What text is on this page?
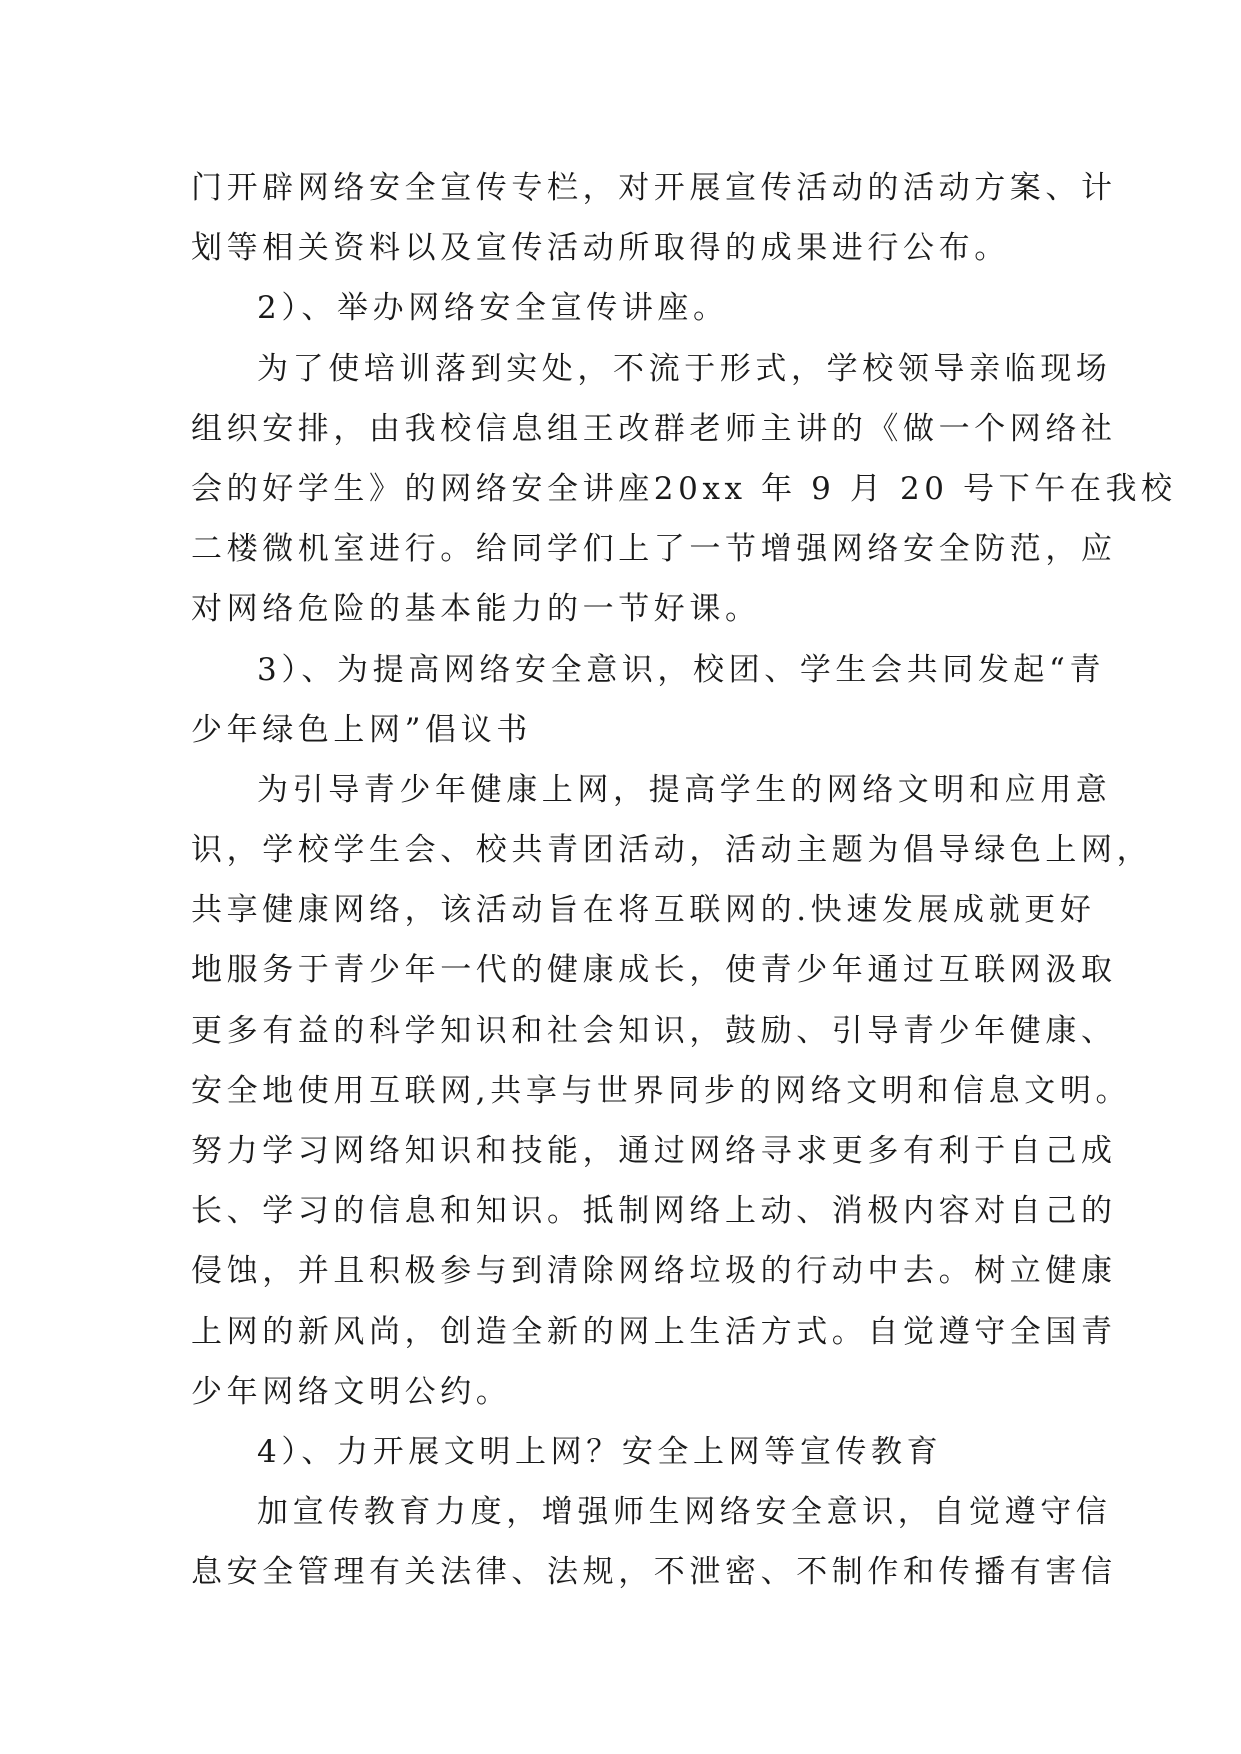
门开辟网络安全宣传专栏，对开展宣传活动的活动方案、计
划等相关资料以及宣传活动所取得的成果进行公布。
2）、举办网络安全宣传讲座。
为了使培训落到实处，不流于形式，学校领导亲临现场
组织安排，由我校信息组王改群老师主讲的《做一个网络社
会的好学生》的网络安全讲座20xx 年 9 月 20 号下午在我校
二楼微机室进行。给同学们上了一节增强网络安全防范，应
对网络危险的基本能力的一节好课。
3）、为提高网络安全意识，校团、学生会共同发起“青
少年绿色上网”倡议书
为引导青少年健康上网，提高学生的网络文明和应用意
识，学校学生会、校共青团活动，活动主题为倡导绿色上网，
共享健康网络，该活动旨在将互联网的.快速发展成就更好
地服务于青少年一代的健康成长，使青少年通过互联网汲取
更多有益的科学知识和社会知识，鼓励、引导青少年健康、
安全地使用互联网,共享与世界同步的网络文明和信息文明。
努力学习网络知识和技能，通过网络寻求更多有利于自己成
长、学习的信息和知识。抵制网络上动、消极内容对自己的
侵蚀，并且积极参与到清除网络垃圾的行动中去。树立健康
上网的新风尚，创造全新的网上生活方式。自觉遵守全国青
少年网络文明公约。
4）、力开展文明上网？安全上网等宣传教育
加宣传教育力度，增强师生网络安全意识，自觉遵守信
息安全管理有关法律、法规，不泄密、不制作和传播有害信
